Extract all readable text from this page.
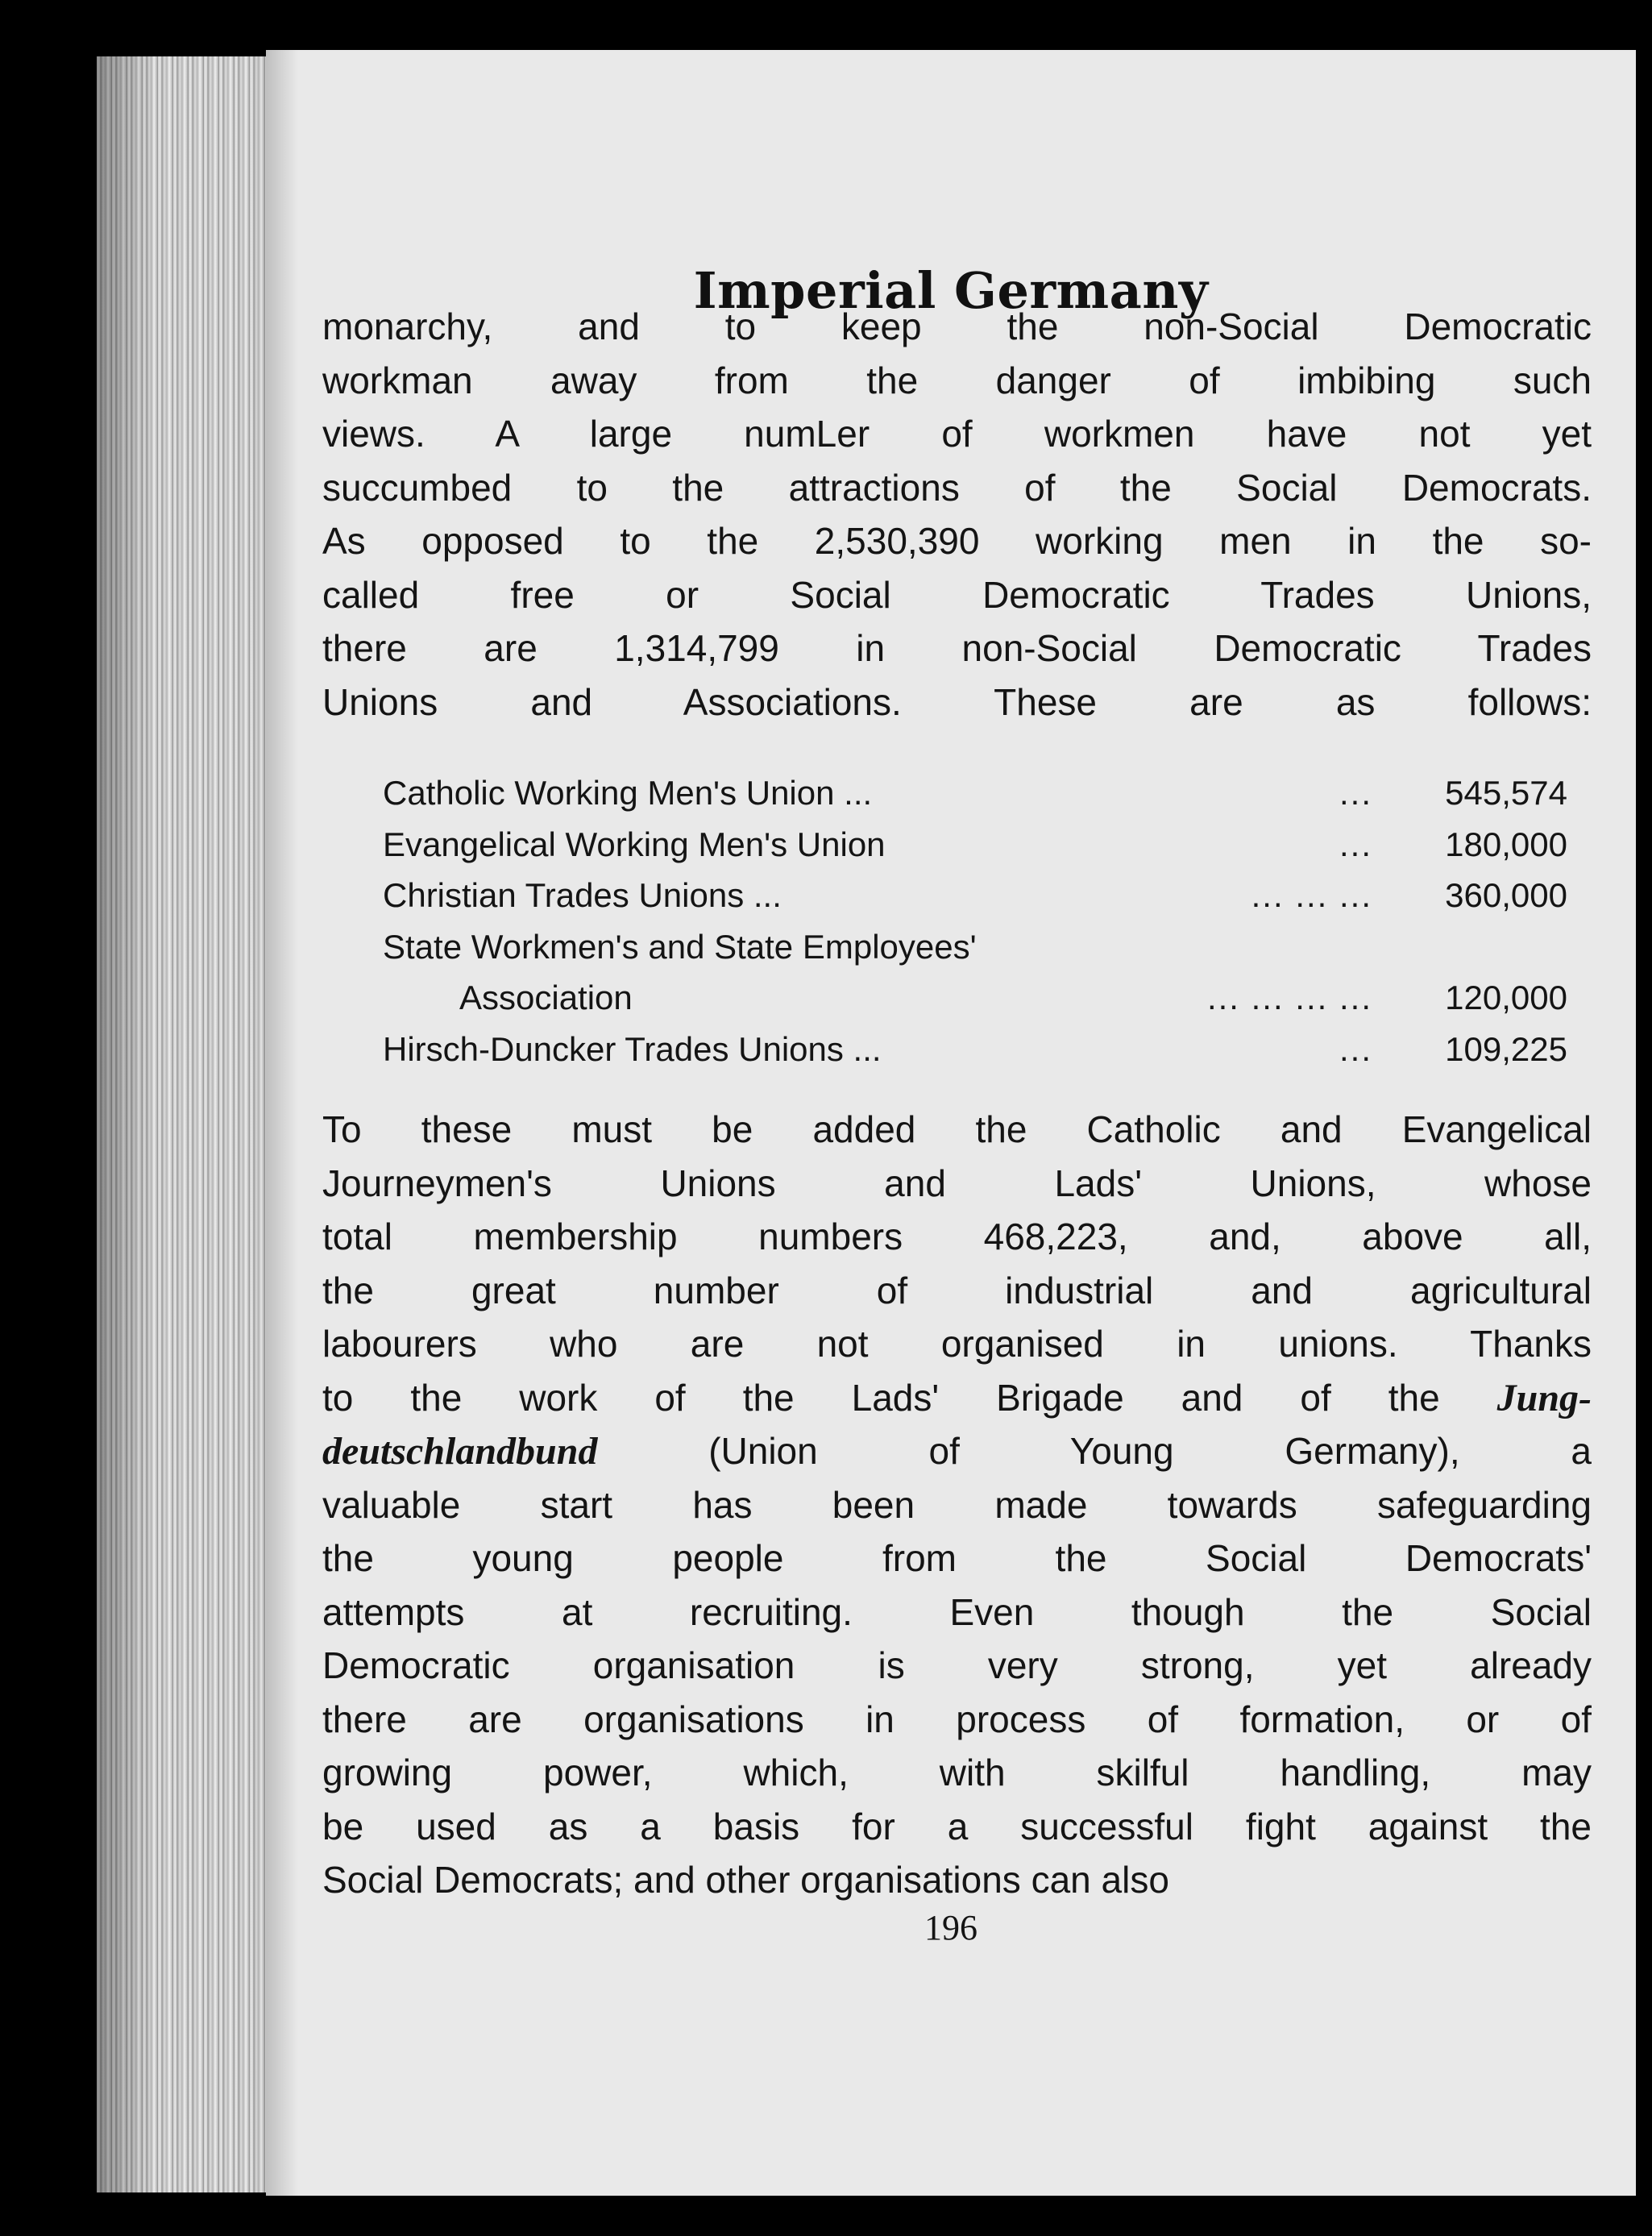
Imperial Germany
monarchy, and to keep the non-Social Democratic
workman away from the danger of imbibing such
views. A large numLer of workmen have not yet
succumbed to the attractions of the Social Democrats.
As opposed to the 2,530,390 working men in the so-
called free or Social Democratic Trades Unions,
there are 1,314,799 in non-Social Democratic Trades
Unions and Associations. These are as follows:
Catholic Working Men's Union ...	... 545,574
Evangelical Working Men's Union	... 180,000
Christian Trades Unions ...	... ... ... 360,000
State Workmen's and State Employees'
Association	... ... ... ... 120,000
Hirsch-Duncker Trades Unions ...	... 109,225
To these must be added the Catholic and Evangelical
Journeymen's Unions and Lads' Unions, whose
total membership numbers 468,223, and, above all,
the great number of industrial and agricultural
labourers who are not organised in unions. Thanks
to the work of the Lads' Brigade and of the Jung-
deutschlandbund	(Union of Young Germany), a
valuable start has been made towards safeguarding
the young people from the Social Democrats'
attempts at recruiting. Even though the Social
Democratic organisation is very strong, yet already
there are organisations in process of formation, or of
growing power, which, with skilful handling, may
be used as a basis for a successful fight against the
Social Democrats; and other organisations can also
196
